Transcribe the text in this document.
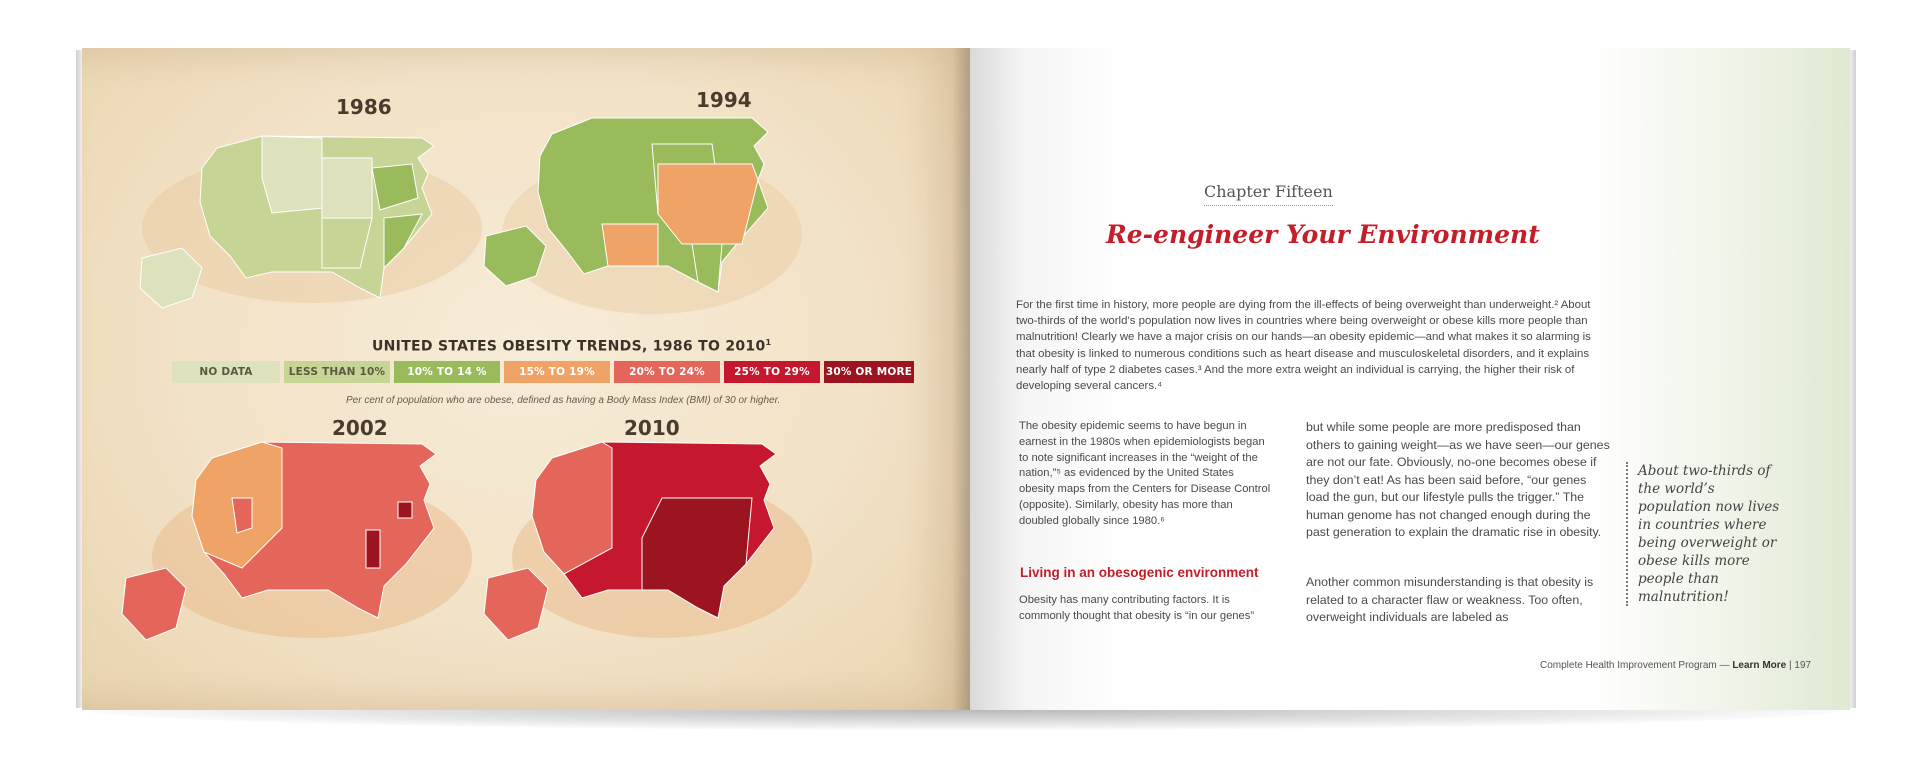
1986	1994
UNITED STATES OBESITY TRENDS, 1986 TO 2010$^1$
NO DATA	LESS THAN 10%	10% TO 14 %	15% TO 19%	20% TO 24%	25% TO 29%	30% OR MORE
Per cent of population who are obese, defined as having a Body Mass Index (BMI) of 30 or higher.
2002	2010
Chapter Fifteen
Re-engineer Your Environment
For the first time in history, more people are dying from the ill-effects of being overweight than underweight.² About two-thirds of the world’s population now lives in countries where being overweight or obese kills more people than malnutrition! Clearly we have a major crisis on our hands—an obesity epidemic—and what makes it so alarming is that obesity is linked to numerous conditions such as heart disease and musculoskeletal disorders, and it explains nearly half of type 2 diabetes cases.³ And the more extra weight an individual is carrying, the higher their risk of developing several cancers.⁴
The obesity epidemic seems to have begun in earnest in the 1980s when epidemiologists began to note significant increases in the “weight of the nation,”⁵ as evidenced by the United States obesity maps from the Centers for Disease Control (opposite). Similarly, obesity has more than doubled globally since 1980.⁶
Living in an obesogenic environment
Obesity has many contributing factors. It is commonly thought that obesity is “in our genes”
but while some people are more predisposed than others to gaining weight—as we have seen—our genes are not our fate. Obviously, no-one becomes obese if they don’t eat! As has been said before, “our genes load the gun, but our lifestyle pulls the trigger.” The human genome has not changed enough during the past generation to explain the dramatic rise in obesity.
Another common misunderstanding is that obesity is related to a character flaw or weakness. Too often, overweight individuals are labeled as
About two-thirds of the world’s population now lives in countries where being overweight or obese kills more people than malnutrition!
Complete Health Improvement Program — Learn More | 197
